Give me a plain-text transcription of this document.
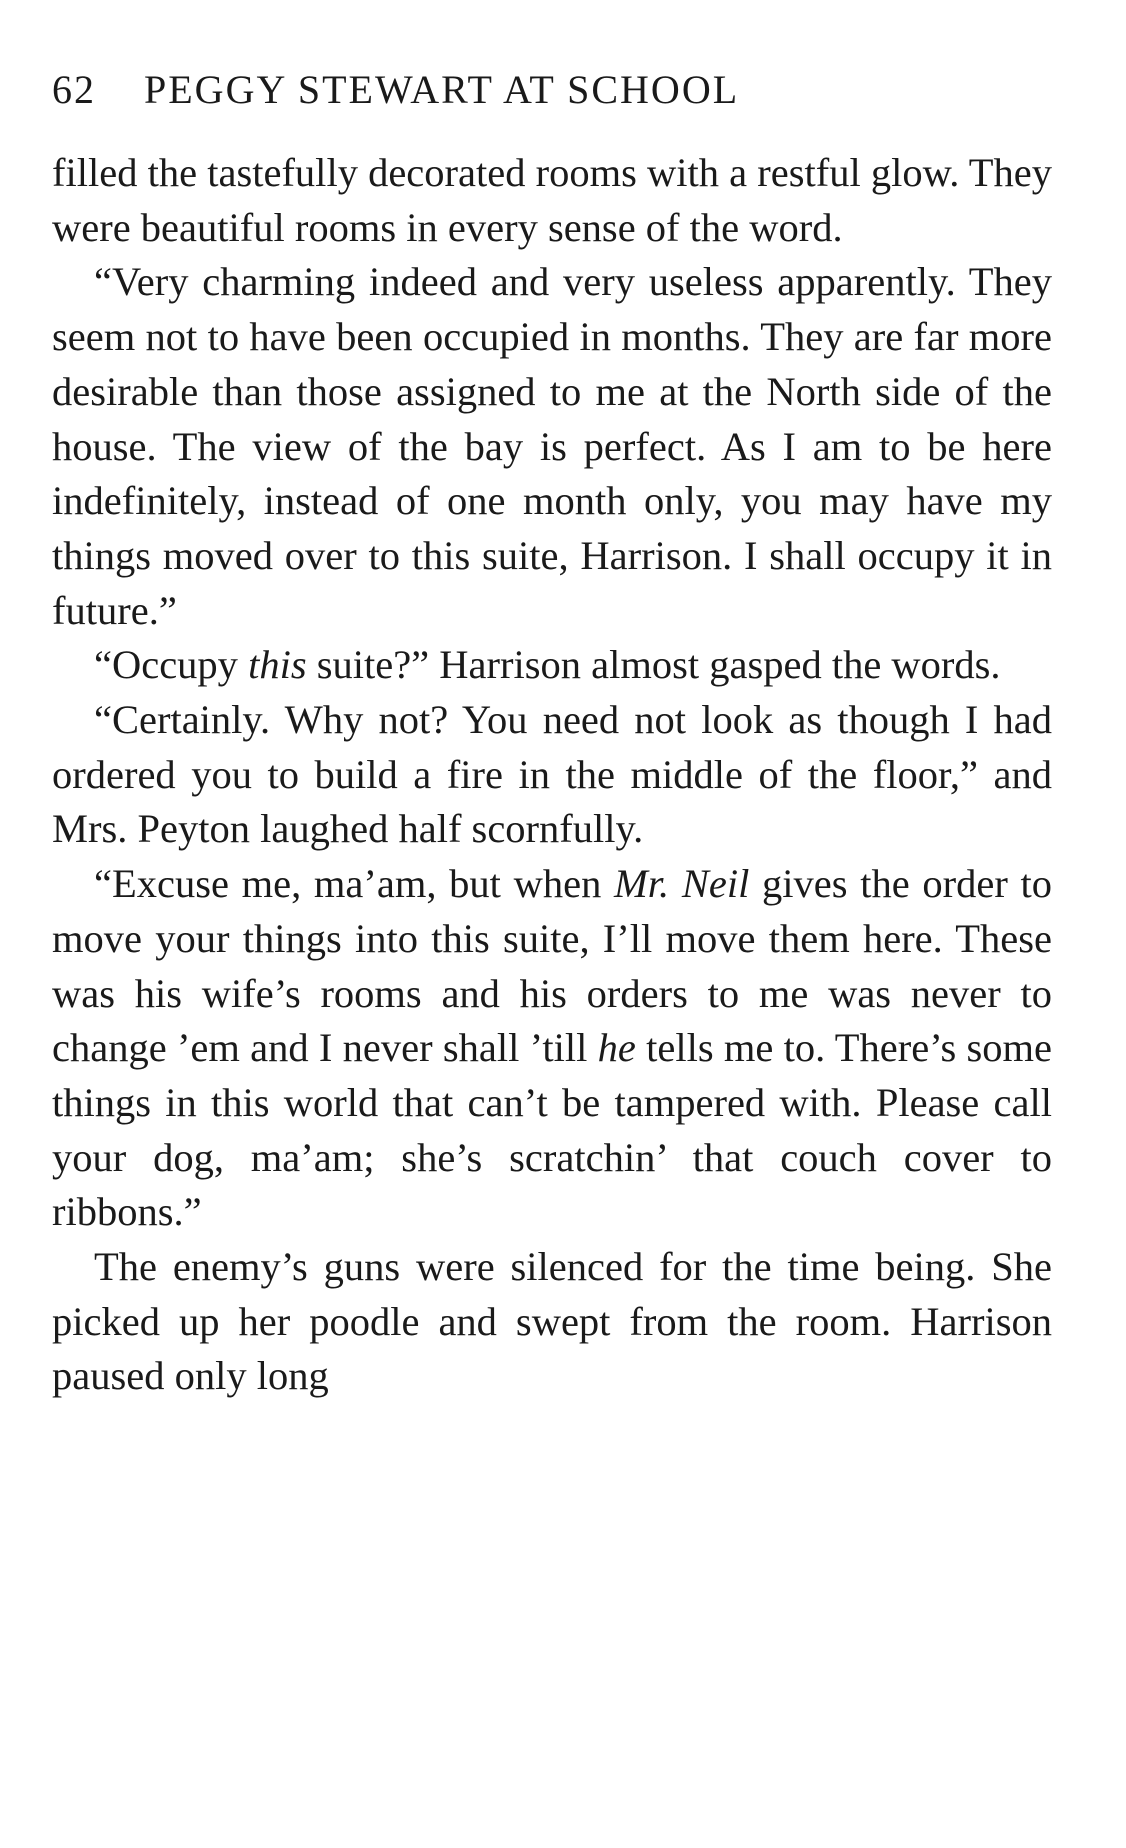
62 PEGGY STEWART AT SCHOOL

filled the tastefully decorated rooms with a restful glow. They were beautiful rooms in every sense of the word.

“Very charming indeed and very useless apparently. They seem not to have been occupied in months. They are far more desirable than those assigned to me at the North side of the house. The view of the bay is perfect. As I am to be here indefinitely, instead of one month only, you may have my things moved over to this suite, Harrison. I shall occupy it in future.”

“Occupy this suite?” Harrison almost gasped the words.

“Certainly. Why not? You need not look as though I had ordered you to build a fire in the middle of the floor,” and Mrs. Peyton laughed half scornfully.

“Excuse me, ma’am, but when Mr. Neil gives the order to move your things into this suite, I’ll move them here. These was his wife’s rooms and his orders to me was never to change ’em and I never shall ’till he tells me to. There’s some things in this world that can’t be tampered with. Please call your dog, ma’am; she’s scratchin’ that couch cover to ribbons.”

The enemy’s guns were silenced for the time being. She picked up her poodle and swept from the room. Harrison paused only long
